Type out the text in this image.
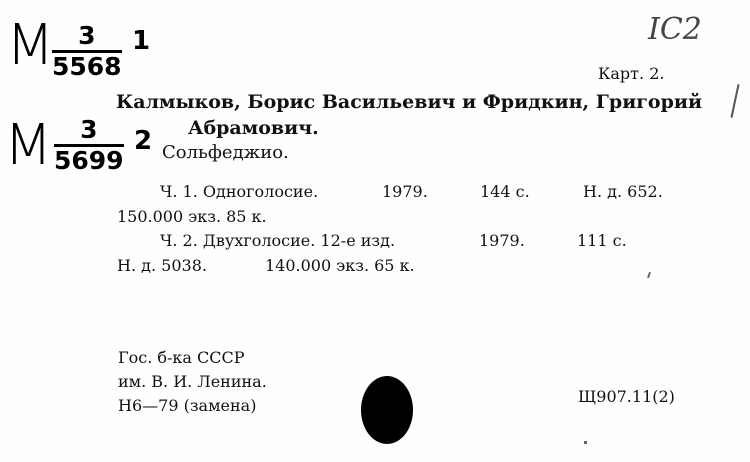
M
$\frac{3}{5568} 1$
M $\frac{3}{5699} 2$
IC2
Карт. 2.
Калмыков, Борис Васильевич и Фридкин, Григорий
Абрамович.
Сольфеджио.
Ч. 1. Одноголосие.	1979.	144 с.	Н. д. 652.
150.000 экз. 85 к.
Ч. 2. Двухголосие. 12-е изд.	1979.	111 с.
Н. д. 5038.	140.000 экз. 65 к.
Гос. б-ка СССР
им. В. И. Ленина.
Н6—79 (замена)	Щ907.11(2)
